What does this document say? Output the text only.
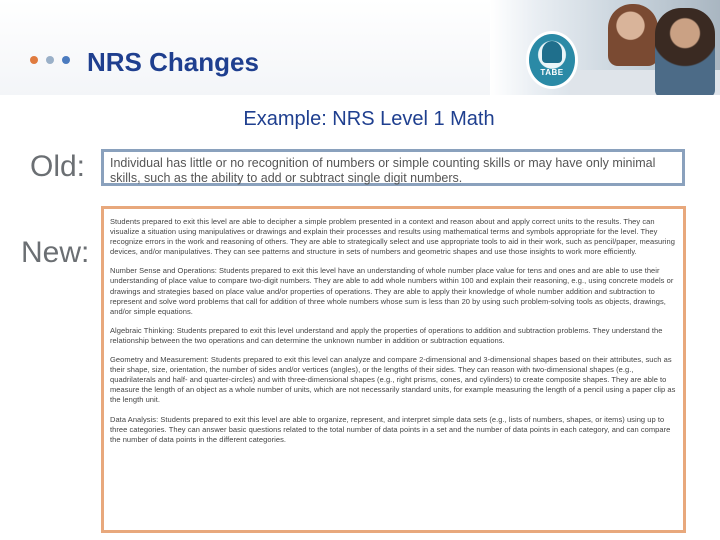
NRS Changes	TABE
Example: NRS Level 1 Math
Old:	Individual has little or no recognition of numbers or simple counting skills or may have only minimal skills, such as the ability to add or subtract single digit numbers.
New:

Students prepared to exit this level are able to decipher a simple problem presented in a context and reason about and apply correct units to the results. They can visualize a situation using manipulatives or drawings and explain their processes and results using mathematical terms and symbols appropriate for the level. They recognize errors in the work and reasoning of others. They are able to strategically select and use appropriate tools to aid in their work, such as pencil/paper, measuring devices, and/or manipulatives. They can see patterns and structure in sets of numbers and geometric shapes and use those insights to work more efficiently.

Number Sense and Operations: Students prepared to exit this level have an understanding of whole number place value for tens and ones and are able to use their understanding of place value to compare two-digit numbers. They are able to add whole numbers within 100 and explain their reasoning, e.g., using concrete models or drawings and strategies based on place value and/or properties of operations. They are able to apply their knowledge of whole number addition and subtraction to represent and solve word problems that call for addition of three whole numbers whose sum is less than 20 by using such problem-solving tools as objects, drawings, and/or simple equations.

Algebraic Thinking: Students prepared to exit this level understand and apply the properties of operations to addition and subtraction problems. They understand the relationship between the two operations and can determine the unknown number in addition or subtraction equations.

Geometry and Measurement: Students prepared to exit this level can analyze and compare 2-dimensional and 3-dimensional shapes based on their attributes, such as their shape, size, orientation, the number of sides and/or vertices (angles), or the lengths of their sides. They can reason with two-dimensional shapes (e.g., quadrilaterals and half- and quarter-circles) and with three-dimensional shapes (e.g., right prisms, cones, and cylinders) to create composite shapes. They are able to measure the length of an object as a whole number of units, which are not necessarily standard units, for example measuring the length of a pencil using a paper clip as the length unit.

Data Analysis: Students prepared to exit this level are able to organize, represent, and interpret simple data sets (e.g., lists of numbers, shapes, or items) using up to three categories. They can answer basic questions related to the total number of data points in a set and the number of data points in each category, and can compare the number of data points in the different categories.
